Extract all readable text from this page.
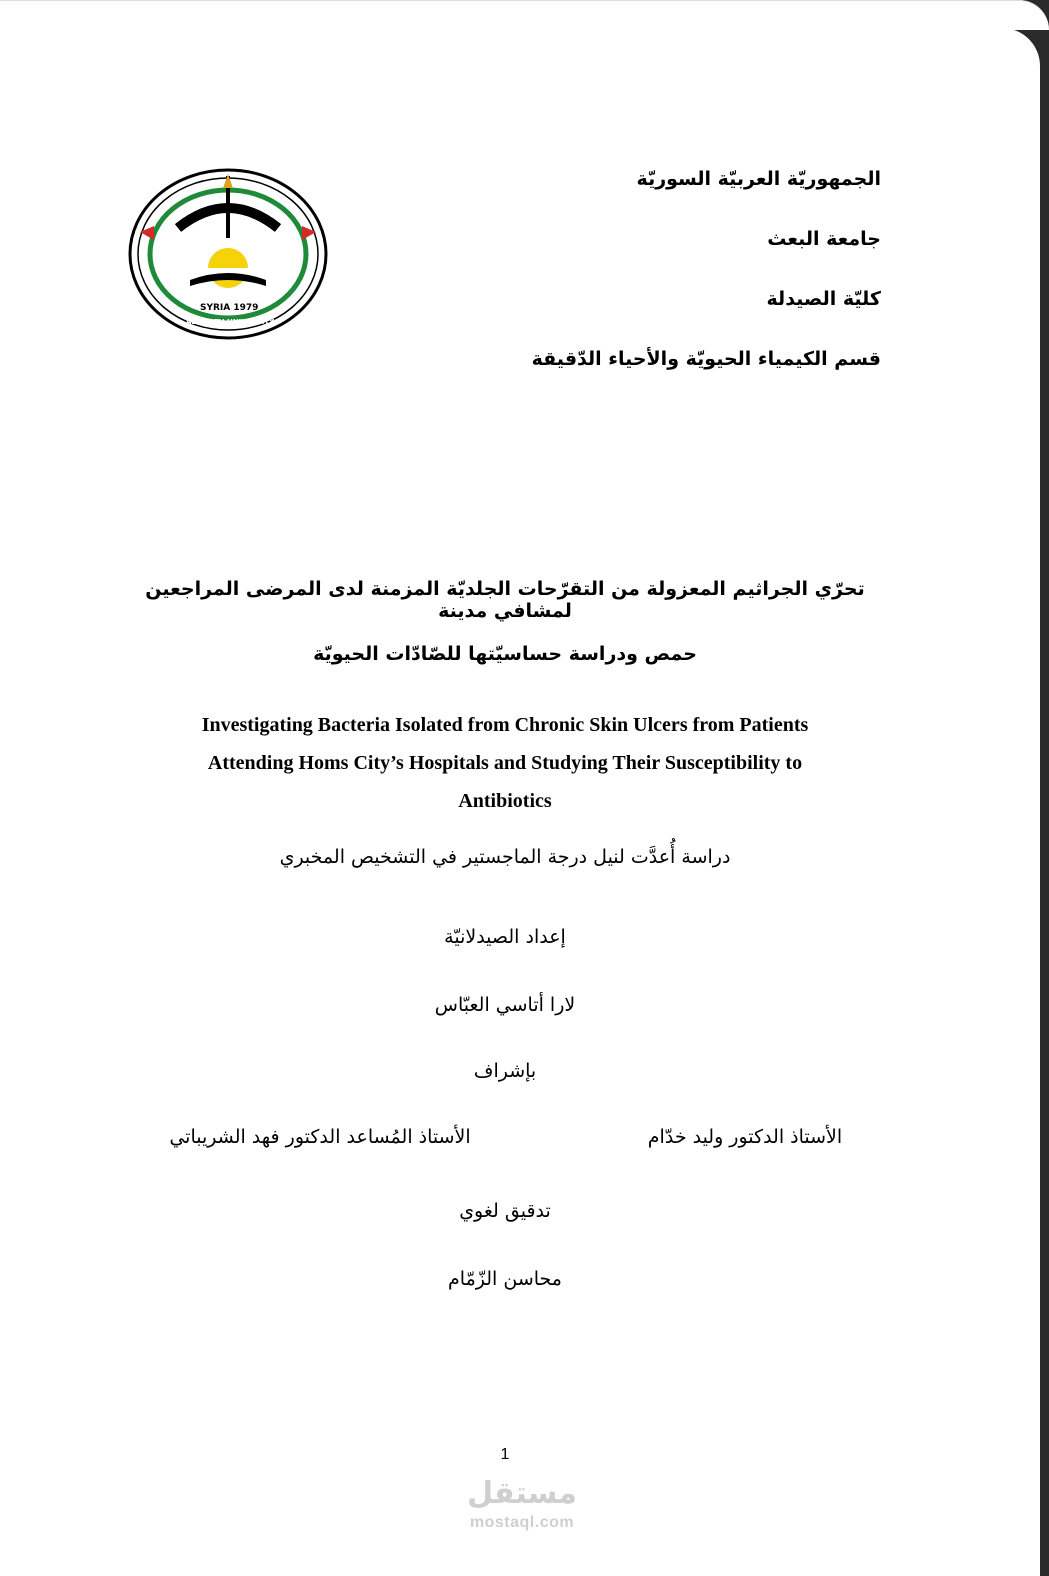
الجمهوريّة العربيّة السوريّة
جامعة البعث
كليّة الصيدلة
قسم الكيمياء الحيويّة والأحياء الدّقيقة
SYRIA 1979
AL BAATH UNIVERSITY
تحرّي الجراثيم المعزولة من التقرّحات الجلديّة المزمنة لدى المرضى المراجعين لمشافي مدينة
حمص ودراسة حساسيّتها للصّادّات الحيويّة
Investigating Bacteria Isolated from Chronic Skin Ulcers from Patients
Attending Homs City’s Hospitals and Studying Their Susceptibility to
Antibiotics
دراسة أُعدَّت لنيل درجة الماجستير في التشخيص المخبري
إعداد الصيدلانيّة
لارا أتاسي العبّاس
بإشراف
الأستاذ الدكتور وليد خدّام
الأستاذ المُساعد الدكتور فهد الشريباتي
تدقيق لغوي
محاسن الزّمّام
1
مستقل
mostaql.com
